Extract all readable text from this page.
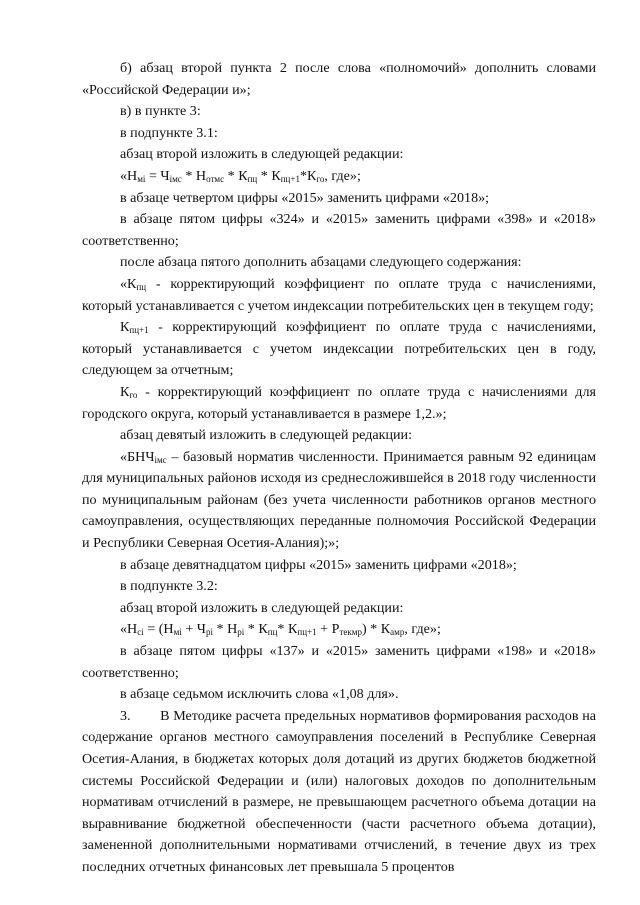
б) абзац второй пункта 2 после слова «полномочий» дополнить словами «Российской Федерации и»;

в) в пункте 3:

в подпункте 3.1:

абзац второй изложить в следующей редакции:

«$Н_{мi} = Ч_{iмс} * Н_{отмс} * К_{пц} * К_{пц+1}*К_{го}$, где»;

в абзаце четвертом цифры «2015» заменить цифрами «2018»;

в абзаце пятом цифры «324» и «2015» заменить цифрами «398» и «2018» соответственно;

после абзаца пятого дополнить абзацами следующего содержания:

«$К_{пц}$ - корректирующий коэффициент по оплате труда с начислениями, который устанавливается с учетом индексации потребительских цен в текущем году;

$К_{пц+1}$ - корректирующий коэффициент по оплате труда с начислениями, который устанавливается с учетом индексации потребительских цен в году, следующем за отчетным;

$К_{го}$ - корректирующий коэффициент по оплате труда с начислениями для городского округа, который устанавливается в размере 1,2.»;

абзац девятый изложить в следующей редакции:

«$БНЧ_{iмс}$ – базовый норматив численности. Принимается равным 92 единицам для муниципальных районов исходя из среднесложившейся в 2018 году численности по муниципальным районам (без учета численности работников органов местного самоуправления, осуществляющих переданные полномочия Российской Федерации и Республики Северная Осетия-Алания);»;

в абзаце девятнадцатом цифры «2015» заменить цифрами «2018»;

в подпункте 3.2:

абзац второй изложить в следующей редакции:

«$Н_{ci} = (Н_{мi} + Ч_{pi} * Н_{pi} * К_{пц}*$ $К_{пц+1} + Р_{текмр}) * К_{амр}$, где»;

в абзаце пятом цифры «137» и «2015» заменить цифрами «198» и «2018» соответственно;

в абзаце седьмом исключить слова «1,08 для».

3.        В Методике расчета предельных нормативов формирования расходов на содержание органов местного самоуправления поселений в Республике Северная Осетия-Алания, в бюджетах которых доля дотаций из других бюджетов бюджетной системы Российской Федерации и (или) налоговых доходов по дополнительным нормативам отчислений в размере, не превышающем расчетного объема дотации на выравнивание бюджетной обеспеченности (части расчетного объема дотации), замененной дополнительными нормативами отчислений, в течение двух из трех последних отчетных финансовых лет превышала 5 процентов
